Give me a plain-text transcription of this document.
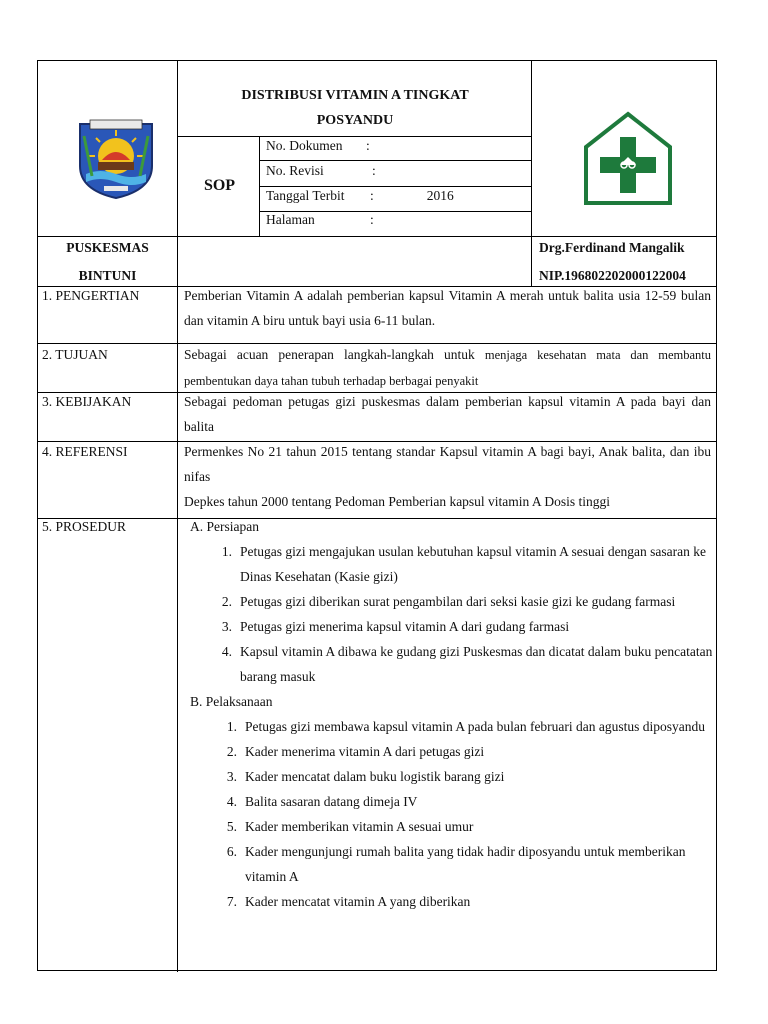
DISTRIBUSI VITAMIN A TINGKAT
POSYANDU
SOP
No. Dokumen :
No. Revisi	:
Tanggal Terbit :	2016
Halaman	:
PUSKESMAS
BINTUNI
Drg.Ferdinand Mangalik
NIP.196802202000122004
1. PENGERTIAN	Pemberian Vitamin A adalah pemberian kapsul Vitamin A merah untuk balita usia 12-59 bulan dan vitamin A biru untuk bayi usia 6-11 bulan.
2. TUJUAN	Sebagai acuan penerapan langkah-langkah untuk menjaga kesehatan mata dan membantu pembentukan daya tahan tubuh terhadap berbagai penyakit
3. KEBIJAKAN	Sebagai pedoman petugas gizi puskesmas dalam pemberian kapsul vitamin A pada bayi dan balita
4. REFERENSI	Permenkes No 21 tahun 2015 tentang standar Kapsul vitamin A bagi bayi, Anak balita, dan ibu nifas
Depkes tahun 2000 tentang Pedoman Pemberian kapsul vitamin A Dosis tinggi
5. PROSEDUR	A. Persiapan
1. Petugas gizi mengajukan usulan kebutuhan kapsul vitamin A sesuai dengan sasaran ke Dinas Kesehatan (Kasie gizi)
2. Petugas gizi diberikan surat pengambilan dari seksi kasie gizi ke gudang farmasi
3. Petugas gizi menerima kapsul vitamin A dari gudang farmasi
4. Kapsul vitamin A dibawa ke gudang gizi Puskesmas dan dicatat dalam buku pencatatan barang masuk
B. Pelaksanaan
1. Petugas gizi membawa kapsul vitamin A pada bulan februari dan agustus diposyandu
2. Kader menerima vitamin A dari petugas gizi
3. Kader mencatat dalam buku logistik barang gizi
4. Balita sasaran datang dimeja IV
5. Kader memberikan vitamin A sesuai umur
6. Kader mengunjungi rumah balita yang tidak hadir diposyandu untuk memberikan vitamin A
7. Kader mencatat vitamin A yang diberikan
